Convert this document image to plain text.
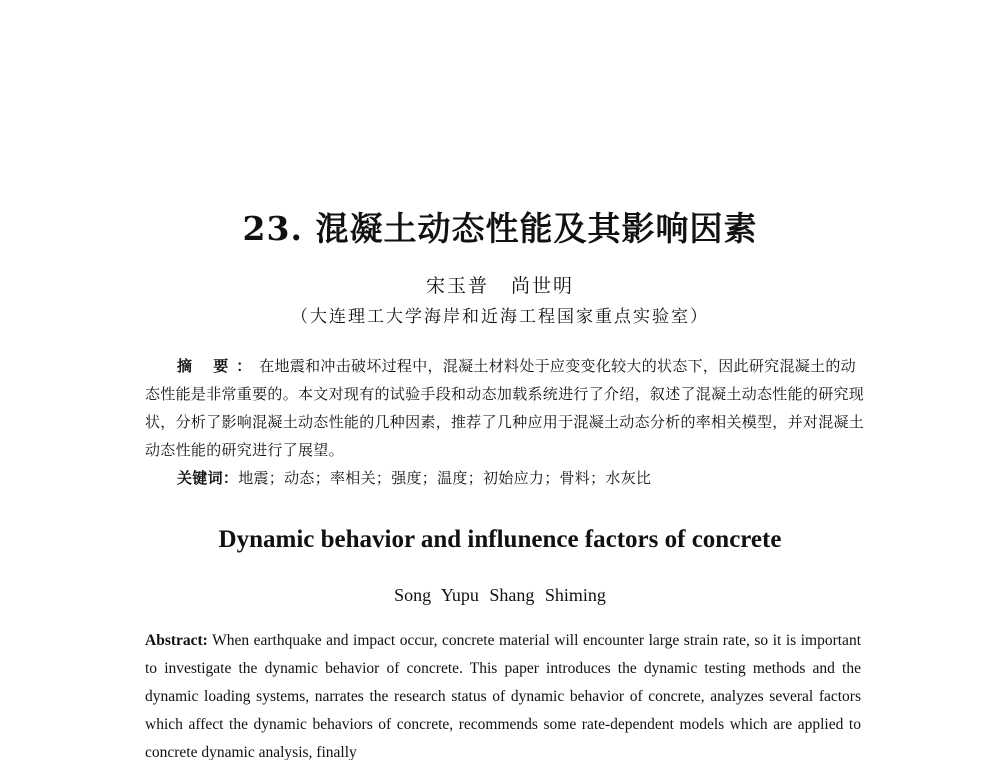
23. 混凝土动态性能及其影响因素
宋玉普 尚世明
（大连理工大学海岸和近海工程国家重点实验室）
摘 要：在地震和冲击破坏过程中，混凝土材料处于应变变化较大的状态下，因此研究混凝土的动态性能是非常重要的。本文对现有的试验手段和动态加载系统进行了介绍，叙述了混凝土动态性能的研究现状，分析了影响混凝土动态性能的几种因素，推荐了几种应用于混凝土动态分析的率相关模型，并对混凝土动态性能的研究进行了展望。
关键词：地震；动态；率相关；强度；温度；初始应力；骨料；水灰比
Dynamic behavior and influnence factors of concrete
Song Yupu Shang Shiming
Abstract: When earthquake and impact occur, concrete material will encounter large strain rate, so it is important to investigate the dynamic behavior of concrete. This paper introduces the dynamic testing methods and the dynamic loading systems, narrates the research status of dynamic behavior of concrete, analyzes several factors which affect the dynamic behaviors of concrete, recommends some rate-dependent models which are applied to concrete dynamic analysis, finally
